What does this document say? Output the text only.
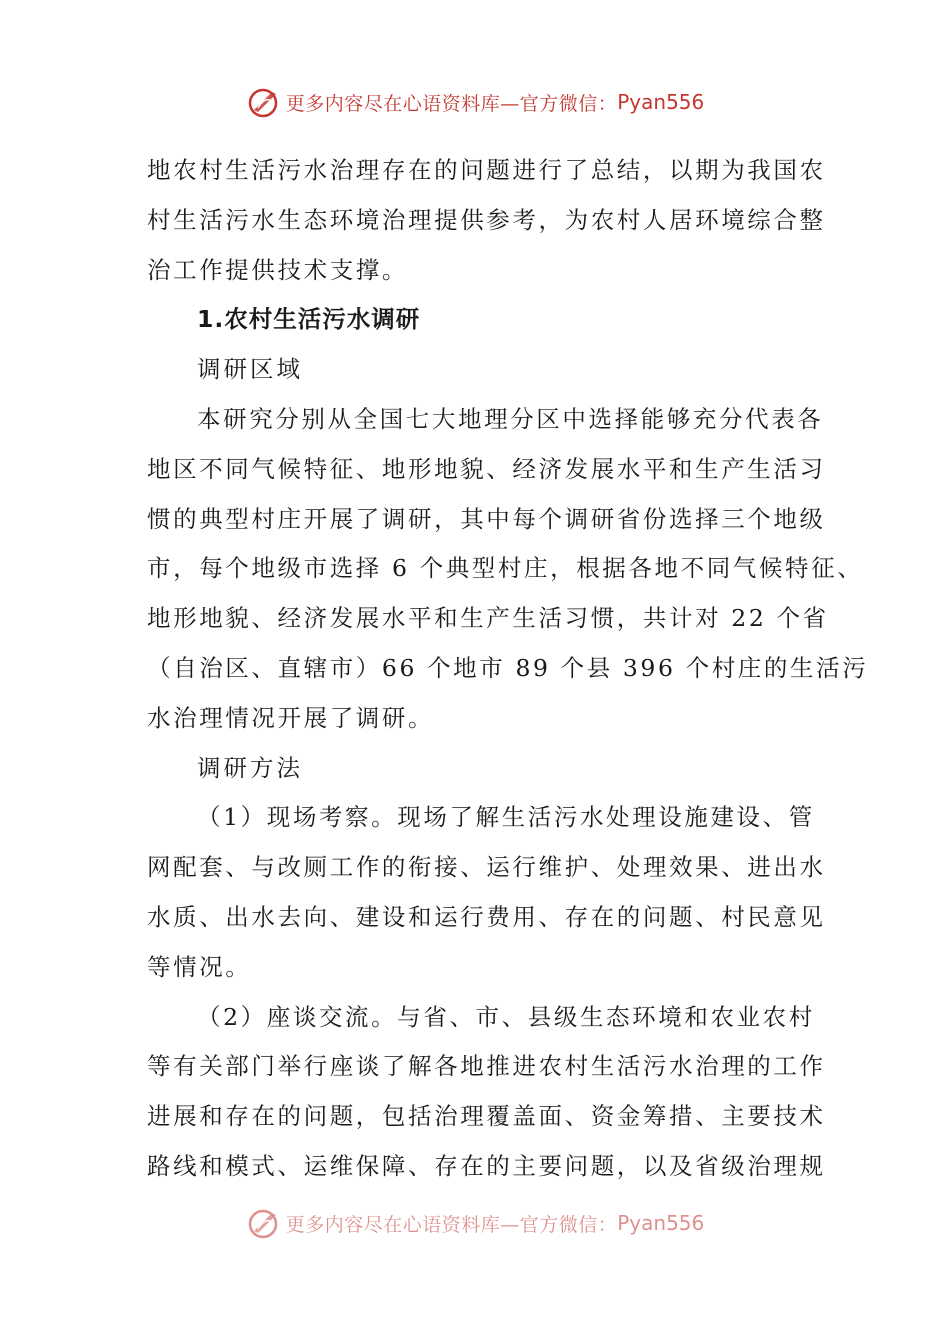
更多内容尽在心语资料库—官方微信： Pyan556
地农村生活污水治理存在的问题进行了总结，以期为我国农
村生活污水生态环境治理提供参考，为农村人居环境综合整
治工作提供技术支撑。
1.农村生活污水调研
调研区域
本研究分别从全国七大地理分区中选择能够充分代表各
地区不同气候特征、地形地貌、经济发展水平和生产生活习
惯的典型村庄开展了调研，其中每个调研省份选择三个地级
市，每个地级市选择 6 个典型村庄，根据各地不同气候特征、
地形地貌、经济发展水平和生产生活习惯，共计对 22 个省
（自治区、直辖市）66 个地市 89 个县 396 个村庄的生活污
水治理情况开展了调研。
调研方法
（1）现场考察。现场了解生活污水处理设施建设、管
网配套、与改厕工作的衔接、运行维护、处理效果、进出水
水质、出水去向、建设和运行费用、存在的问题、村民意见
等情况。
（2）座谈交流。与省、市、县级生态环境和农业农村
等有关部门举行座谈了解各地推进农村生活污水治理的工作
进展和存在的问题，包括治理覆盖面、资金筹措、主要技术
路线和模式、运维保障、存在的主要问题，以及省级治理规
更多内容尽在心语资料库—官方微信： Pyan556
